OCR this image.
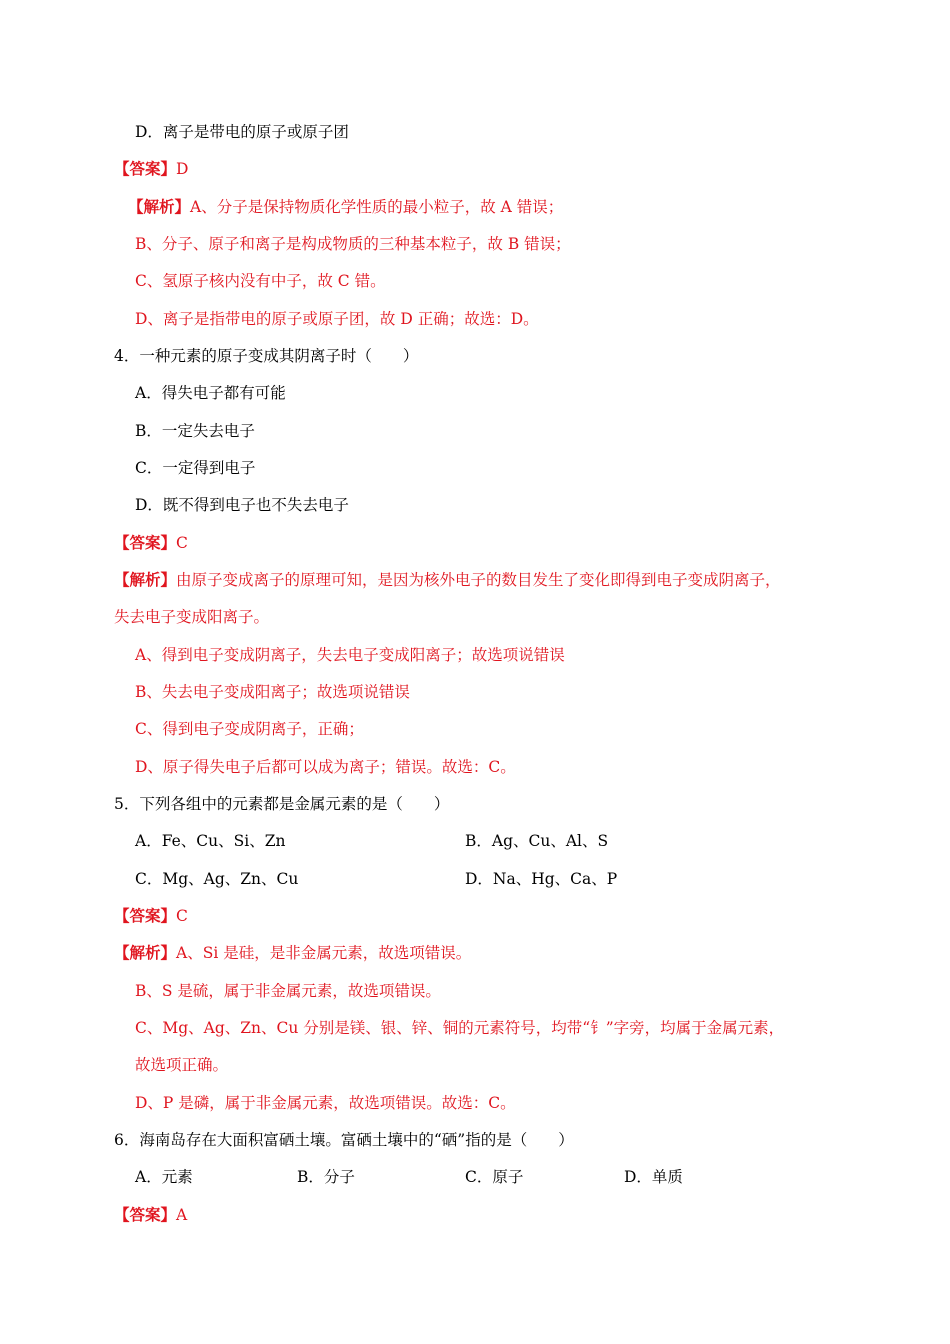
D．离子是带电的原子或原子团
【答案】D
【解析】A、分子是保持物质化学性质的最小粒子，故 A 错误；
B、分子、原子和离子是构成物质的三种基本粒子，故 B 错误；
C、氢原子核内没有中子，故 C 错。
D、离子是指带电的原子或原子团，故 D 正确；故选：D。
4．一种元素的原子变成其阴离子时（　　）
A．得失电子都有可能
B．一定失去电子
C．一定得到电子
D．既不得到电子也不失去电子
【答案】C
【解析】由原子变成离子的原理可知，是因为核外电子的数目发生了变化即得到电子变成阴离子，
失去电子变成阳离子。
A、得到电子变成阴离子，失去电子变成阳离子；故选项说错误
B、失去电子变成阳离子；故选项说错误
C、得到电子变成阴离子，正确；
D、原子得失电子后都可以成为离子；错误。故选：C。
5．下列各组中的元素都是金属元素的是（　　）
A．Fe、Cu、Si、Zn	B．Ag、Cu、Al、S
C．Mg、Ag、Zn、Cu	D．Na、Hg、Ca、P
【答案】C
【解析】A、Si 是硅，是非金属元素，故选项错误。
B、S 是硫，属于非金属元素，故选项错误。
C、Mg、Ag、Zn、Cu 分别是镁、银、锌、铜的元素符号，均带“钅”字旁，均属于金属元素，
故选项正确。
D、P 是磷，属于非金属元素，故选项错误。故选：C。
6．海南岛存在大面积富硒土壤。富硒土壤中的“硒”指的是（　　）
A．元素	B．分子	C．原子	D．单质
【答案】A
